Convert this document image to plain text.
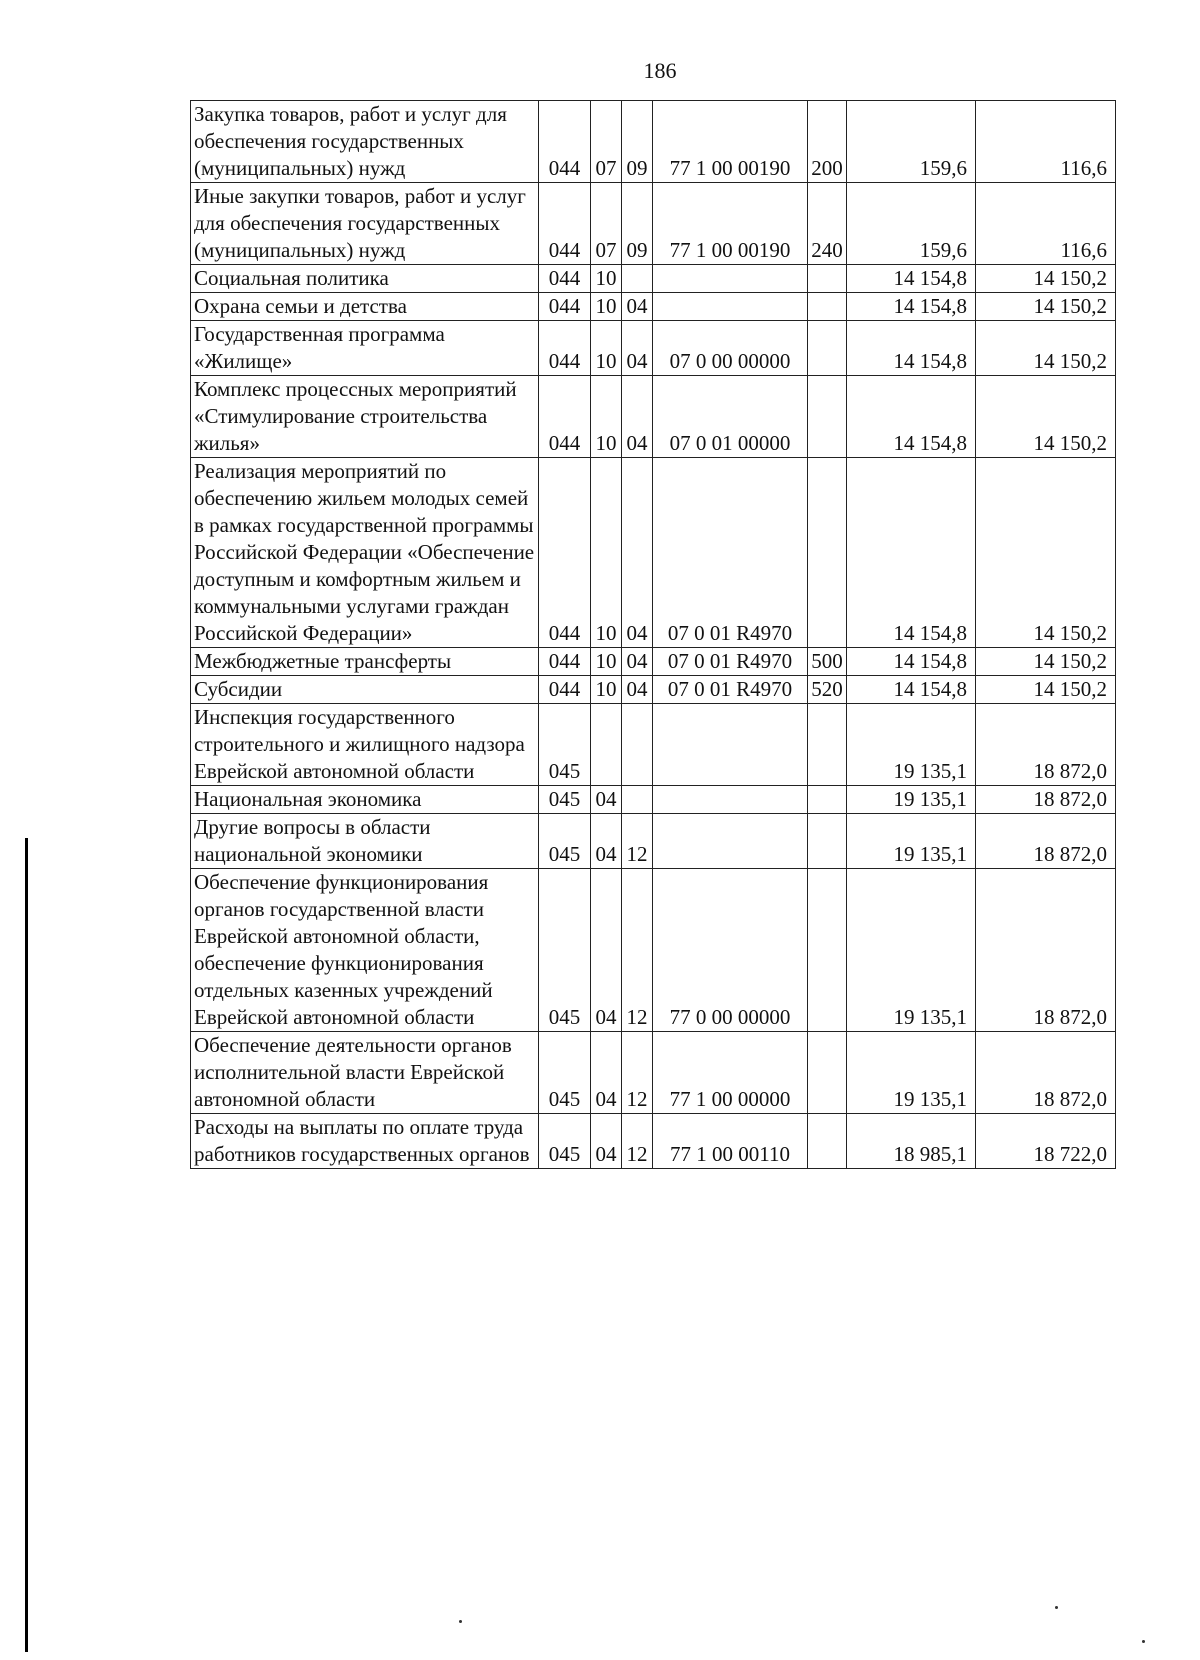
186
Закупка товаров, работ и услуг для обеспечения государственных (муниципальных) нужд	044	07	09	77 1 00 00190	200	159,6	116,6
Иные закупки товаров, работ и услуг для обеспечения государственных (муниципальных) нужд	044	07	09	77 1 00 00190	240	159,6	116,6
Социальная политика	044	10				14 154,8	14 150,2
Охрана семьи и детства	044	10	04			14 154,8	14 150,2
Государственная программа «Жилище»	044	10	04	07 0 00 00000		14 154,8	14 150,2
Комплекс процессных мероприятий «Стимулирование строительства жилья»	044	10	04	07 0 01 00000		14 154,8	14 150,2
Реализация мероприятий по обеспечению жильем молодых семей в рамках государственной программы Российской Федерации «Обеспечение доступным и комфортным жильем и коммунальными услугами граждан Российской Федерации»	044	10	04	07 0 01 R4970		14 154,8	14 150,2
Межбюджетные трансферты	044	10	04	07 0 01 R4970	500	14 154,8	14 150,2
Субсидии	044	10	04	07 0 01 R4970	520	14 154,8	14 150,2
Инспекция государственного строительного и жилищного надзора Еврейской автономной области	045					19 135,1	18 872,0
Национальная экономика	045	04				19 135,1	18 872,0
Другие вопросы в области национальной экономики	045	04	12			19 135,1	18 872,0
Обеспечение функционирования органов государственной власти Еврейской автономной области, обеспечение функционирования отдельных казенных учреждений Еврейской автономной области	045	04	12	77 0 00 00000		19 135,1	18 872,0
Обеспечение деятельности органов исполнительной власти Еврейской автономной области	045	04	12	77 1 00 00000		19 135,1	18 872,0
Расходы на выплаты по оплате труда работников государственных органов	045	04	12	77 1 00 00110		18 985,1	18 722,0
